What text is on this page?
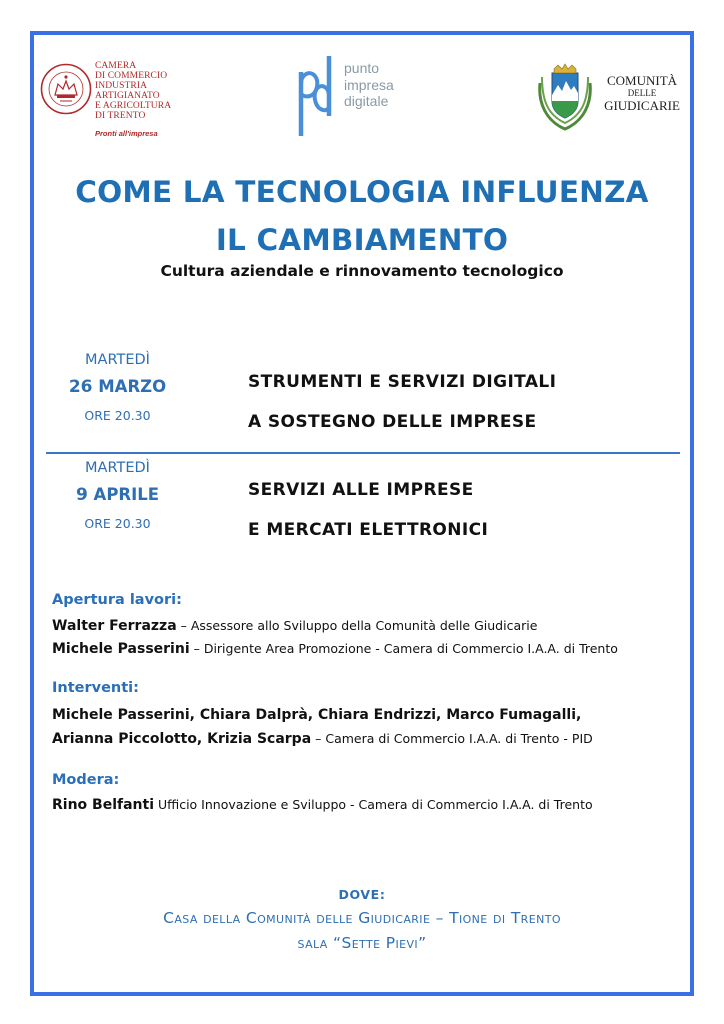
CAMERA
DI COMMERCIO
INDUSTRIA
ARTIGIANATO
E AGRICOLTURA
DI TRENTO
Pronti all'impresa
punto
impresa
digitale
COMUNITÀ
DELLE
GIUDICARIE
COME LA TECNOLOGIA INFLUENZA
IL CAMBIAMENTO
Cultura aziendale e rinnovamento tecnologico
MARTEDÌ
26 MARZO
ORE 20.30
STRUMENTI E SERVIZI DIGITALI
A SOSTEGNO DELLE IMPRESE
MARTEDÌ
9 APRILE
ORE 20.30
SERVIZI ALLE IMPRESE
E MERCATI ELETTRONICI
Apertura lavori:
Walter Ferrazza – Assessore allo Sviluppo della Comunità delle Giudicarie
Michele Passerini – Dirigente Area Promozione - Camera di Commercio I.A.A. di Trento
Interventi:
Michele Passerini, Chiara Dalprà, Chiara Endrizzi, Marco Fumagalli,
Arianna Piccolotto, Krizia Scarpa – Camera di Commercio I.A.A. di Trento - PID
Modera:
Rino Belfanti Ufficio Innovazione e Sviluppo - Camera di Commercio I.A.A. di Trento
DOVE:
Casa della Comunità delle Giudicarie – Tione di Trento
sala “Sette Pievi”
